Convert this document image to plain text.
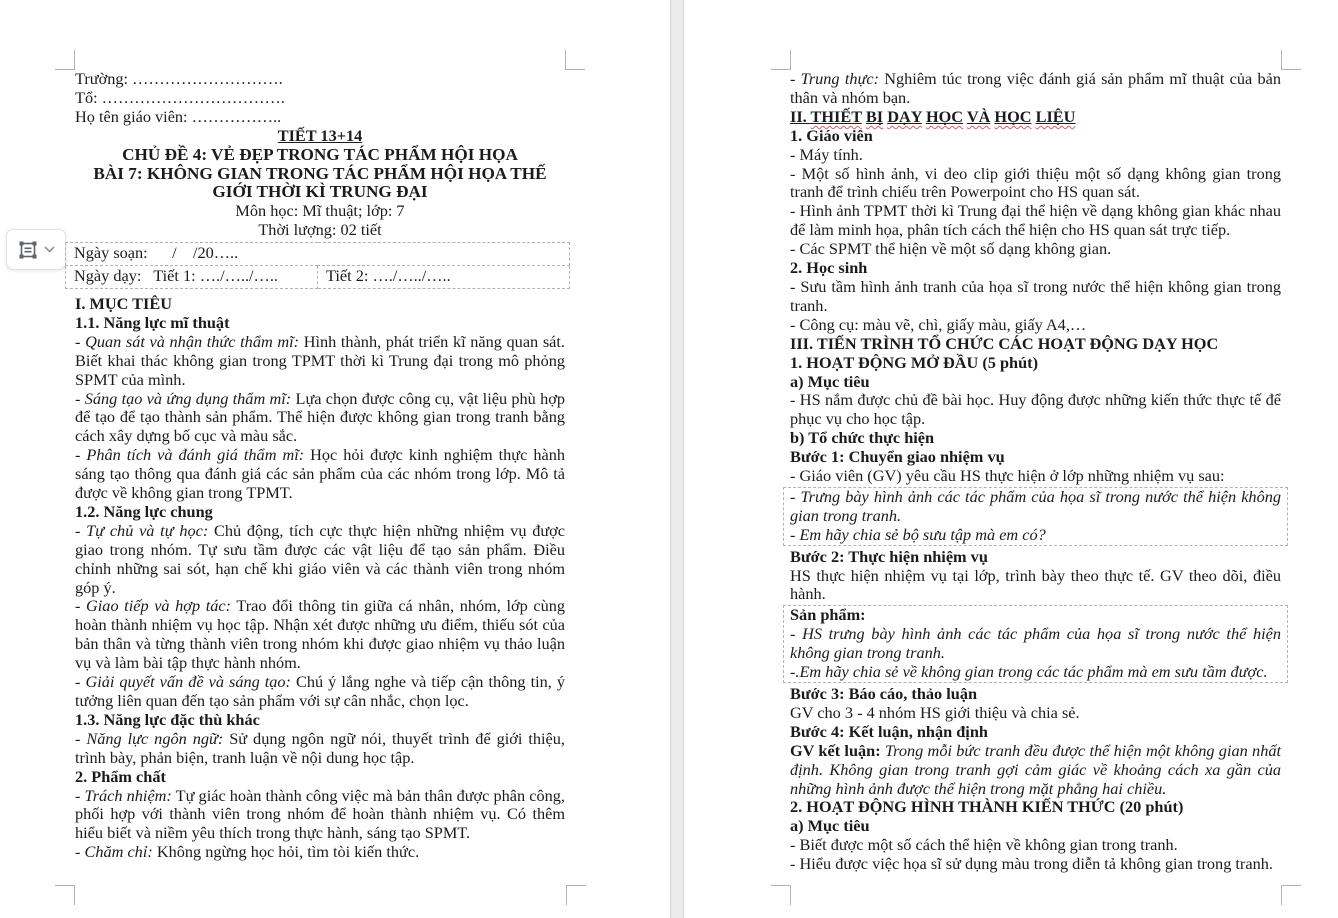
Trường: ……………………….

Tổ: …………………………….

Họ tên giáo viên: ……………..

TIẾT 13+14

CHỦ ĐỀ 4: VẺ ĐẸP TRONG TÁC PHẨM HỘI HỌA

BÀI 7: KHÔNG GIAN TRONG TÁC PHẨM HỘI HỌA THẾ GIỚI THỜI KÌ TRUNG ĐẠI

Môn học: Mĩ thuật; lớp: 7

Thời lượng: 02 tiết

Ngày soạn:      /    /20…..
Ngày dạy:   Tiết 1: …./…../…..	Tiết 2: …./…../…..

I. MỤC TIÊU

1.1. Năng lực mĩ thuật

- Quan sát và nhận thức thẩm mĩ: Hình thành, phát triển kĩ năng quan sát. Biết khai thác không gian trong TPMT thời kì Trung đại trong mô phỏng SPMT của mình.

- Sáng tạo và ứng dụng thẩm mĩ: Lựa chọn được công cụ, vật liệu phù hợp để tạo để tạo thành sản phẩm. Thể hiện được không gian trong tranh bằng cách xây dựng bố cục và màu sắc.

- Phân tích và đánh giá thẩm mĩ: Học hỏi được kinh nghiệm thực hành sáng tạo thông qua đánh giá các sản phẩm của các nhóm trong lớp. Mô tả được về không gian trong TPMT.

1.2. Năng lực chung

- Tự chủ và tự học: Chủ động, tích cực thực hiện những nhiệm vụ được giao trong nhóm. Tự sưu tầm được các vật liệu để tạo sản phẩm. Điều chỉnh những sai sót, hạn chế khi giáo viên và các thành viên trong nhóm góp ý.

- Giao tiếp và hợp tác: Trao đổi thông tin giữa cá nhân, nhóm, lớp cùng hoàn thành nhiệm vụ học tập. Nhận xét được những ưu điểm, thiếu sót của bản thân và từng thành viên trong nhóm khi được giao nhiệm vụ thảo luận vụ và làm bài tập thực hành nhóm.

- Giải quyết vấn đề và sáng tạo: Chú ý lắng nghe và tiếp cận thông tin, ý tưởng liên quan đến tạo sản phẩm với sự cân nhắc, chọn lọc.

1.3. Năng lực đặc thù khác

- Năng lực ngôn ngữ: Sử dụng ngôn ngữ nói, thuyết trình để giới thiệu, trình bày, phản biện, tranh luận về nội dung học tập.

2. Phẩm chất

- Trách nhiệm: Tự giác hoàn thành công việc mà bản thân được phân công, phối hợp với thành viên trong nhóm để hoàn thành nhiệm vụ. Có thêm hiểu biết và niềm yêu thích trong thực hành, sáng tạo SPMT.

- Chăm chỉ: Không ngừng học hỏi, tìm tòi kiến thức.

- Trung thực: Nghiêm túc trong việc đánh giá sản phẩm mĩ thuật của bản thân và nhóm bạn.

II. THIẾT BỊ DẠY HỌC VÀ HỌC LIỆU

1. Giáo viên

- Máy tính.

- Một số hình ảnh, vi deo clip giới thiệu một số dạng không gian trong tranh để trình chiếu trên Powerpoint cho HS quan sát.

- Hình ảnh TPMT thời kì Trung đại thể hiện về dạng không gian khác nhau để làm minh họa, phân tích cách thể hiện cho HS quan sát trực tiếp.

- Các SPMT thể hiện về một số dạng không gian.

2. Học sinh

- Sưu tầm hình ảnh tranh của họa sĩ trong nước thể hiện không gian trong tranh.

- Công cụ: màu vẽ, chì, giấy màu, giấy A4,…

III. TIẾN TRÌNH TỔ CHỨC CÁC HOẠT ĐỘNG DẠY HỌC

1. HOẠT ĐỘNG MỞ ĐẦU (5 phút)

a) Mục tiêu

- HS nắm được chủ đề bài học. Huy động được những kiến thức thực tế để phục vụ cho học tập.

b) Tổ chức thực hiện

Bước 1: Chuyển giao nhiệm vụ

- Giáo viên (GV) yêu cầu HS thực hiện ở lớp những nhiệm vụ sau:

- Trưng bày hình ảnh các tác phẩm của họa sĩ trong nước thể hiện không gian trong tranh.

- Em hãy chia sẻ bộ sưu tập mà em có?

Bước 2: Thực hiện nhiệm vụ

HS thực hiện nhiệm vụ tại lớp, trình bày theo thực tế. GV theo dõi, điều hành.

Sản phẩm:

- HS trưng bày hình ảnh các tác phẩm của họa sĩ trong nước thể hiện không gian trong tranh.

-.Em hãy chia sẻ về không gian trong các tác phẩm mà em sưu tầm được.

Bước 3: Báo cáo, thảo luận

GV cho 3 - 4 nhóm HS giới thiệu và chia sẻ.

Bước 4: Kết luận, nhận định

GV kết luận: Trong mỗi bức tranh đều được thể hiện một không gian nhất định. Không gian trong tranh gợi cảm giác về khoảng cách xa gần của những hình ảnh được thể hiện trong mặt phẳng hai chiều.

2. HOẠT ĐỘNG HÌNH THÀNH KIẾN THỨC (20 phút)

a) Mục tiêu

- Biết được một số cách thể hiện về không gian trong tranh.

- Hiểu được việc họa sĩ sử dụng màu trong diễn tả không gian trong tranh.
